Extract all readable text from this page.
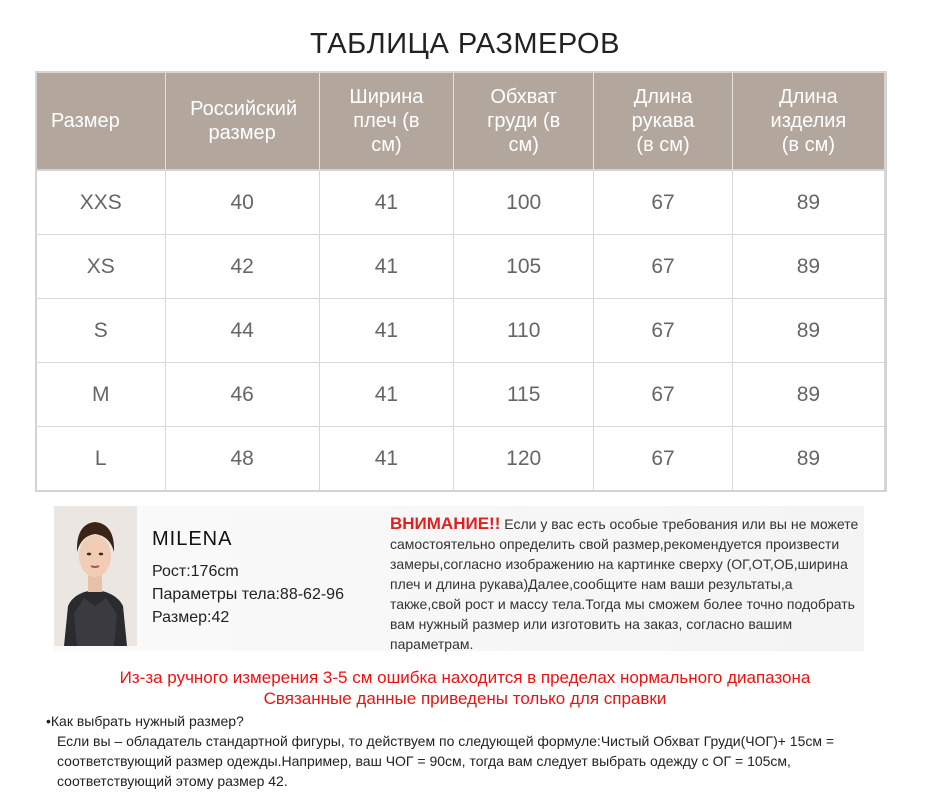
ТАБЛИЦА РАЗМЕРОВ
Размер	Российский размер	Ширина плеч (в см)	Обхват груди (в см)	Длина рукава (в см)	Длина изделия (в см)

XXS	40	41	100	67	89
XS	42	41	105	67	89
S	44	41	110	67	89
M	46	41	115	67	89
L	48	41	120	67	89
MILENA
Рост:176cm
Параметры тела:88-62-96
Размер:42
ВНИМАНИЕ!! Если у вас есть особые требования или вы не можете самостоятельно определить свой размер,рекомендуется произвести замеры,согласно изображению на картинке сверху (ОГ,ОТ,ОБ,ширина плеч и длина рукава)Далее,сообщите нам ваши результаты,а также,свой рост и массу тела.Тогда мы сможем более точно подобрать вам нужный размер или изготовить на заказ, согласно вашим параметрам.
Из-за ручного измерения 3-5 см ошибка находится в пределах нормального диапазона
Связанные данные приведены только для справки
•Как выбрать нужный размер?
Если вы – обладатель стандартной фигуры, то действуем по следующей формуле:Чистый Обхват Груди(ЧОГ)+ 15см = соответствующий размер одежды.Например, ваш ЧОГ = 90см, тогда вам следует выбрать одежду с ОГ = 105см, соответствующий этому размер 42.
